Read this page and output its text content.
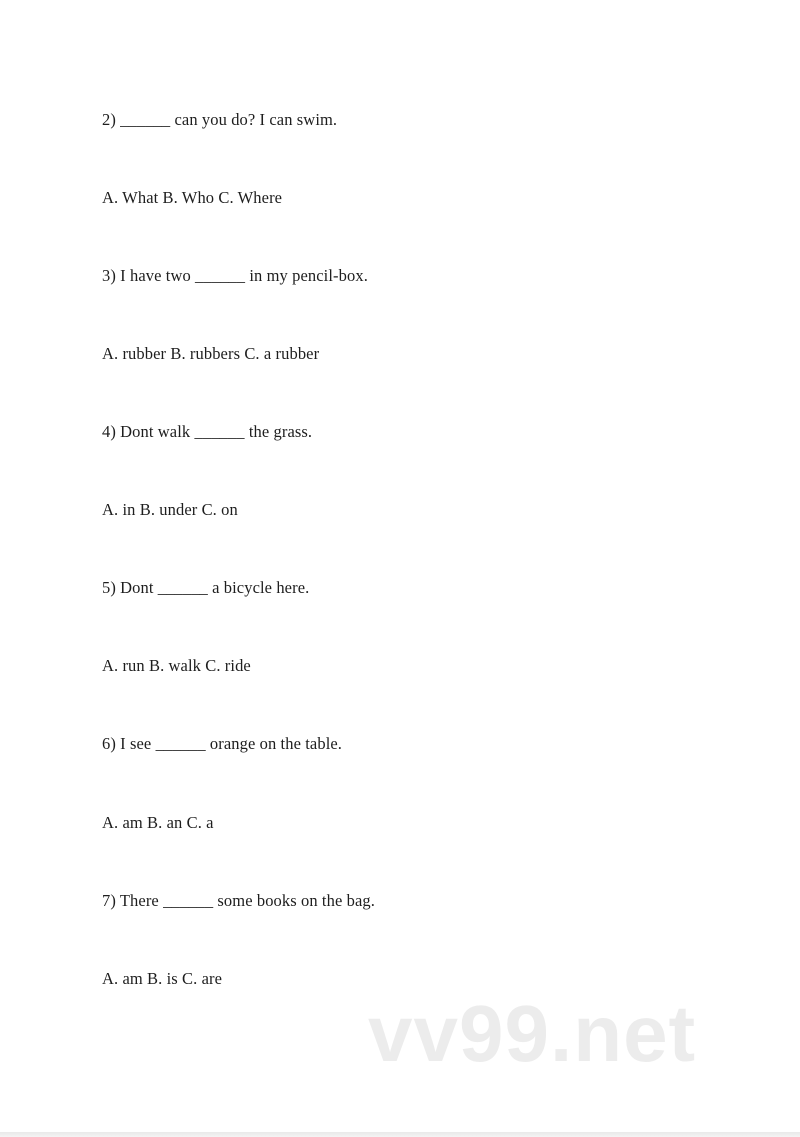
2) ______ can you do? I can swim.
A. What B. Who C. Where
3) I have two ______ in my pencil-box.
A. rubber B. rubbers C. a rubber
4) Dont walk ______ the grass.
A. in B. under C. on
5) Dont ______ a bicycle here.
A. run B. walk C. ride
6) I see ______ orange on the table.
A. am B. an C. a
7) There ______ some books on the bag.
A. am B. is C. are
vv99.net
